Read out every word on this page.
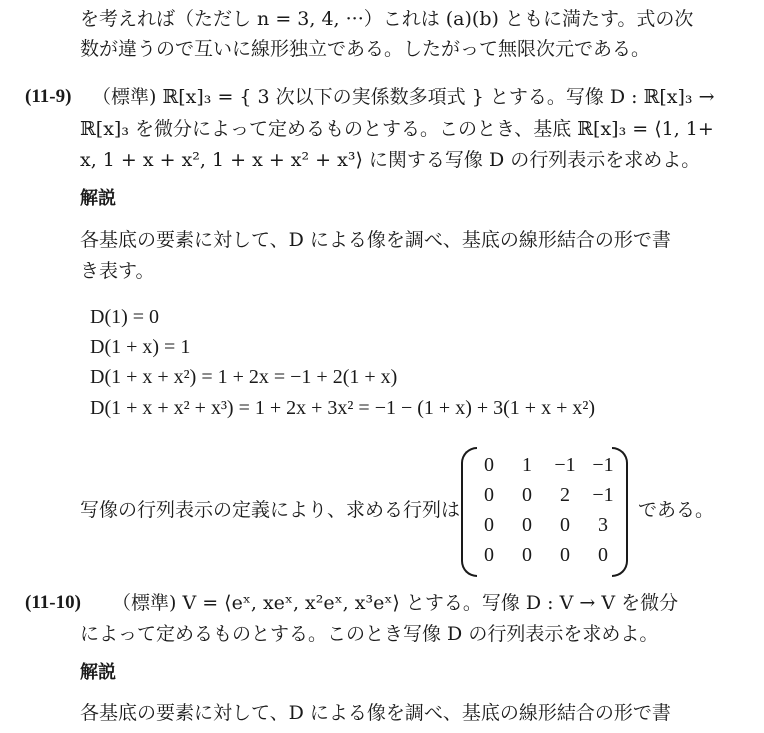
を考えれば（ただし n = 3, 4, ···）これは (a)(b) ともに満たす。式の次
数が違うので互いに線形独立である。したがって無限次元である。
(11-9) （標準) ℝ[x]₃ = { 3 次以下の実係数多項式 } とする。写像 D : ℝ[x]₃ →
ℝ[x]₃ を微分によって定めるものとする。このとき、基底 ℝ[x]₃ = ⟨1, 1+
x, 1 + x + x², 1 + x + x² + x³⟩ に関する写像 D の行列表示を求めよ。
解説
各基底の要素に対して、D による像を調べ、基底の線形結合の形で書
き表す。
D(1) = 0
D(1 + x) = 1
D(1 + x + x²) = 1 + 2x = −1 + 2(1 + x)
D(1 + x + x² + x³) = 1 + 2x + 3x² = −1 − (1 + x) + 3(1 + x + x²)
写像の行列表示の定義により、求める行列は
0	1	−1	−1
0	0	2	−1
0	0	0	3
0	0	0	0
である。
(11-10) （標準) V = ⟨eˣ, xeˣ, x²eˣ, x³eˣ⟩ とする。写像 D : V → V を微分
によって定めるものとする。このとき写像 D の行列表示を求めよ。
解説
各基底の要素に対して、D による像を調べ、基底の線形結合の形で書
